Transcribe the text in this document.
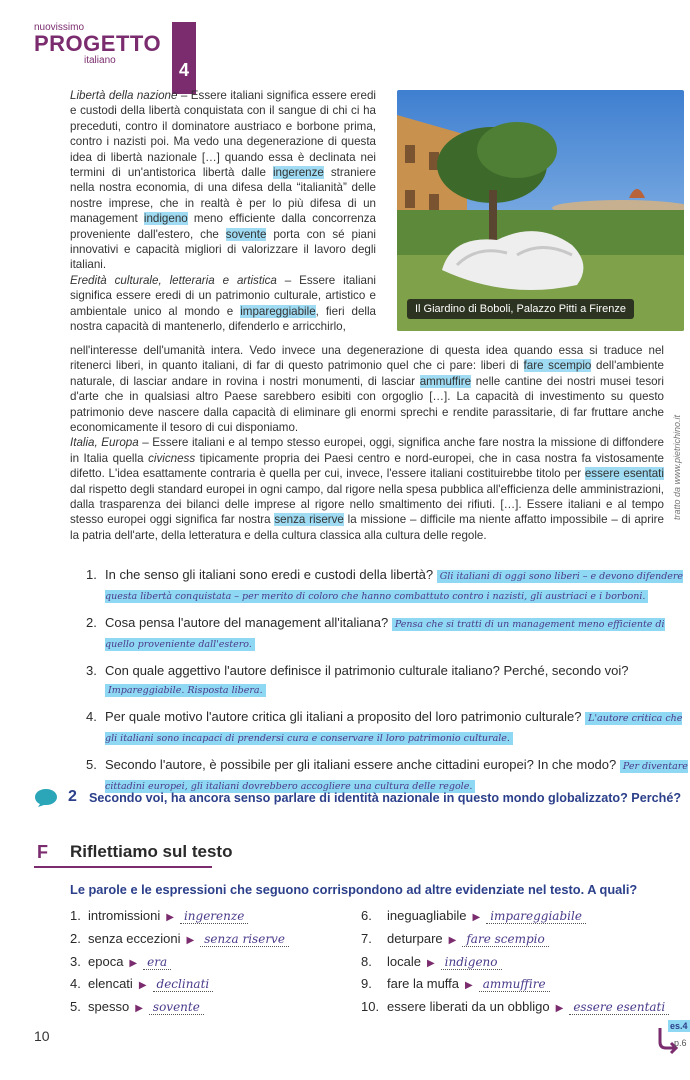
nuovissimo
PROGETTO
italiano	4
Il Giardino di Boboli, Palazzo Pitti a Firenze
tratto da www.pietrichino.it
Libertà della nazione – Essere italiani significa essere eredi e custodi della libertà conquistata con il sangue di chi ci ha preceduti, contro il dominatore austriaco e borbone prima, contro i nazisti poi. Ma vedo una degenerazione di questa idea di libertà nazionale […] quando essa è declinata nei termini di un'antistorica libertà dalle ingerenze straniere nella nostra economia, di una difesa della “italianità” delle nostre imprese, che in realtà è per lo più difesa di un management indigeno meno efficiente dalla concorrenza proveniente dall'estero, che sovente porta con sé piani innovativi e capacità migliori di valorizzare il lavoro degli italiani.
Eredità culturale, letteraria e artistica – Essere italiani significa essere eredi di un patrimonio culturale, artistico e ambientale unico al mondo e impareggiabile, fieri della nostra capacità di mantenerlo, difenderlo e arricchirlo,
nell'interesse dell'umanità intera. Vedo invece una degenerazione di questa idea quando essa si traduce nel ritenerci liberi, in quanto italiani, di far di questo patrimonio quel che ci pare: liberi di fare scempio dell'ambiente naturale, di lasciar andare in rovina i nostri monumenti, di lasciar ammuffire nelle cantine dei nostri musei tesori d'arte che in qualsiasi altro Paese sarebbero esibiti con orgoglio […]. La capacità di investimento su questo patrimonio deve nascere dalla capacità di eliminare gli enormi sprechi e rendite parassitarie, di far fruttare anche economicamente il tesoro di cui disponiamo.
Italia, Europa – Essere italiani e al tempo stesso europei, oggi, significa anche fare nostra la missione di diffondere in Italia quella civicness tipicamente propria dei Paesi centro e nord-europei, che in casa nostra fa vistosamente difetto. L'idea esattamente contraria è quella per cui, invece, l'essere italiani costituirebbe titolo per essere esentati dal rispetto degli standard europei in ogni campo, dal rigore nella spesa pubblica all'efficienza delle amministrazioni, dalla trasparenza dei bilanci delle imprese al rigore nello smaltimento dei rifiuti. […]. Essere italiani e al tempo stesso europei oggi significa far nostra senza riserve la missione – difficile ma niente affatto impossibile – di aprire la patria dell'arte, della letteratura e della cultura classica alla cultura delle regole.
1. In che senso gli italiani sono eredi e custodi della libertà? Gli italiani di oggi sono liberi – e devono difendere questa libertà conquistata – per merito di coloro che hanno combattuto contro i nazisti, gli austriaci e i borboni.
2. Cosa pensa l'autore del management all'italiana? Pensa che si tratti di un management meno efficiente di quello proveniente dall'estero.
3. Con quale aggettivo l'autore definisce il patrimonio culturale italiano? Perché, secondo voi? Impareggiabile. Risposta libera.
4. Per quale motivo l'autore critica gli italiani a proposito del loro patrimonio culturale? L'autore critica che gli italiani sono incapaci di prendersi cura e conservare il loro patrimonio culturale.
5. Secondo l'autore, è possibile per gli italiani essere anche cittadini europei? In che modo? Per diventare cittadini europei, gli italiani dovrebbero accogliere una cultura delle regole.
2 Secondo voi, ha ancora senso parlare di identità nazionale in questo mondo globalizzato? Perché?
F Riflettiamo sul testo
Le parole e le espressioni che seguono corrispondono ad altre evidenziate nel testo. A quali?
1. intromissioni ▶ ingerenze
2. senza eccezioni ▶ senza riserve
3. epoca ▶ era
4. elencati ▶ declinati
5. spesso ▶ sovente
6.	ineguagliabile ▶ impareggiabile
7.	deturpare ▶ fare scempio
8.	locale ▶ indigeno
9.	fare la muffa ▶ ammuffire
10. essere liberati da un obbligo ▶ essere esentati
10
es.4
p.6
